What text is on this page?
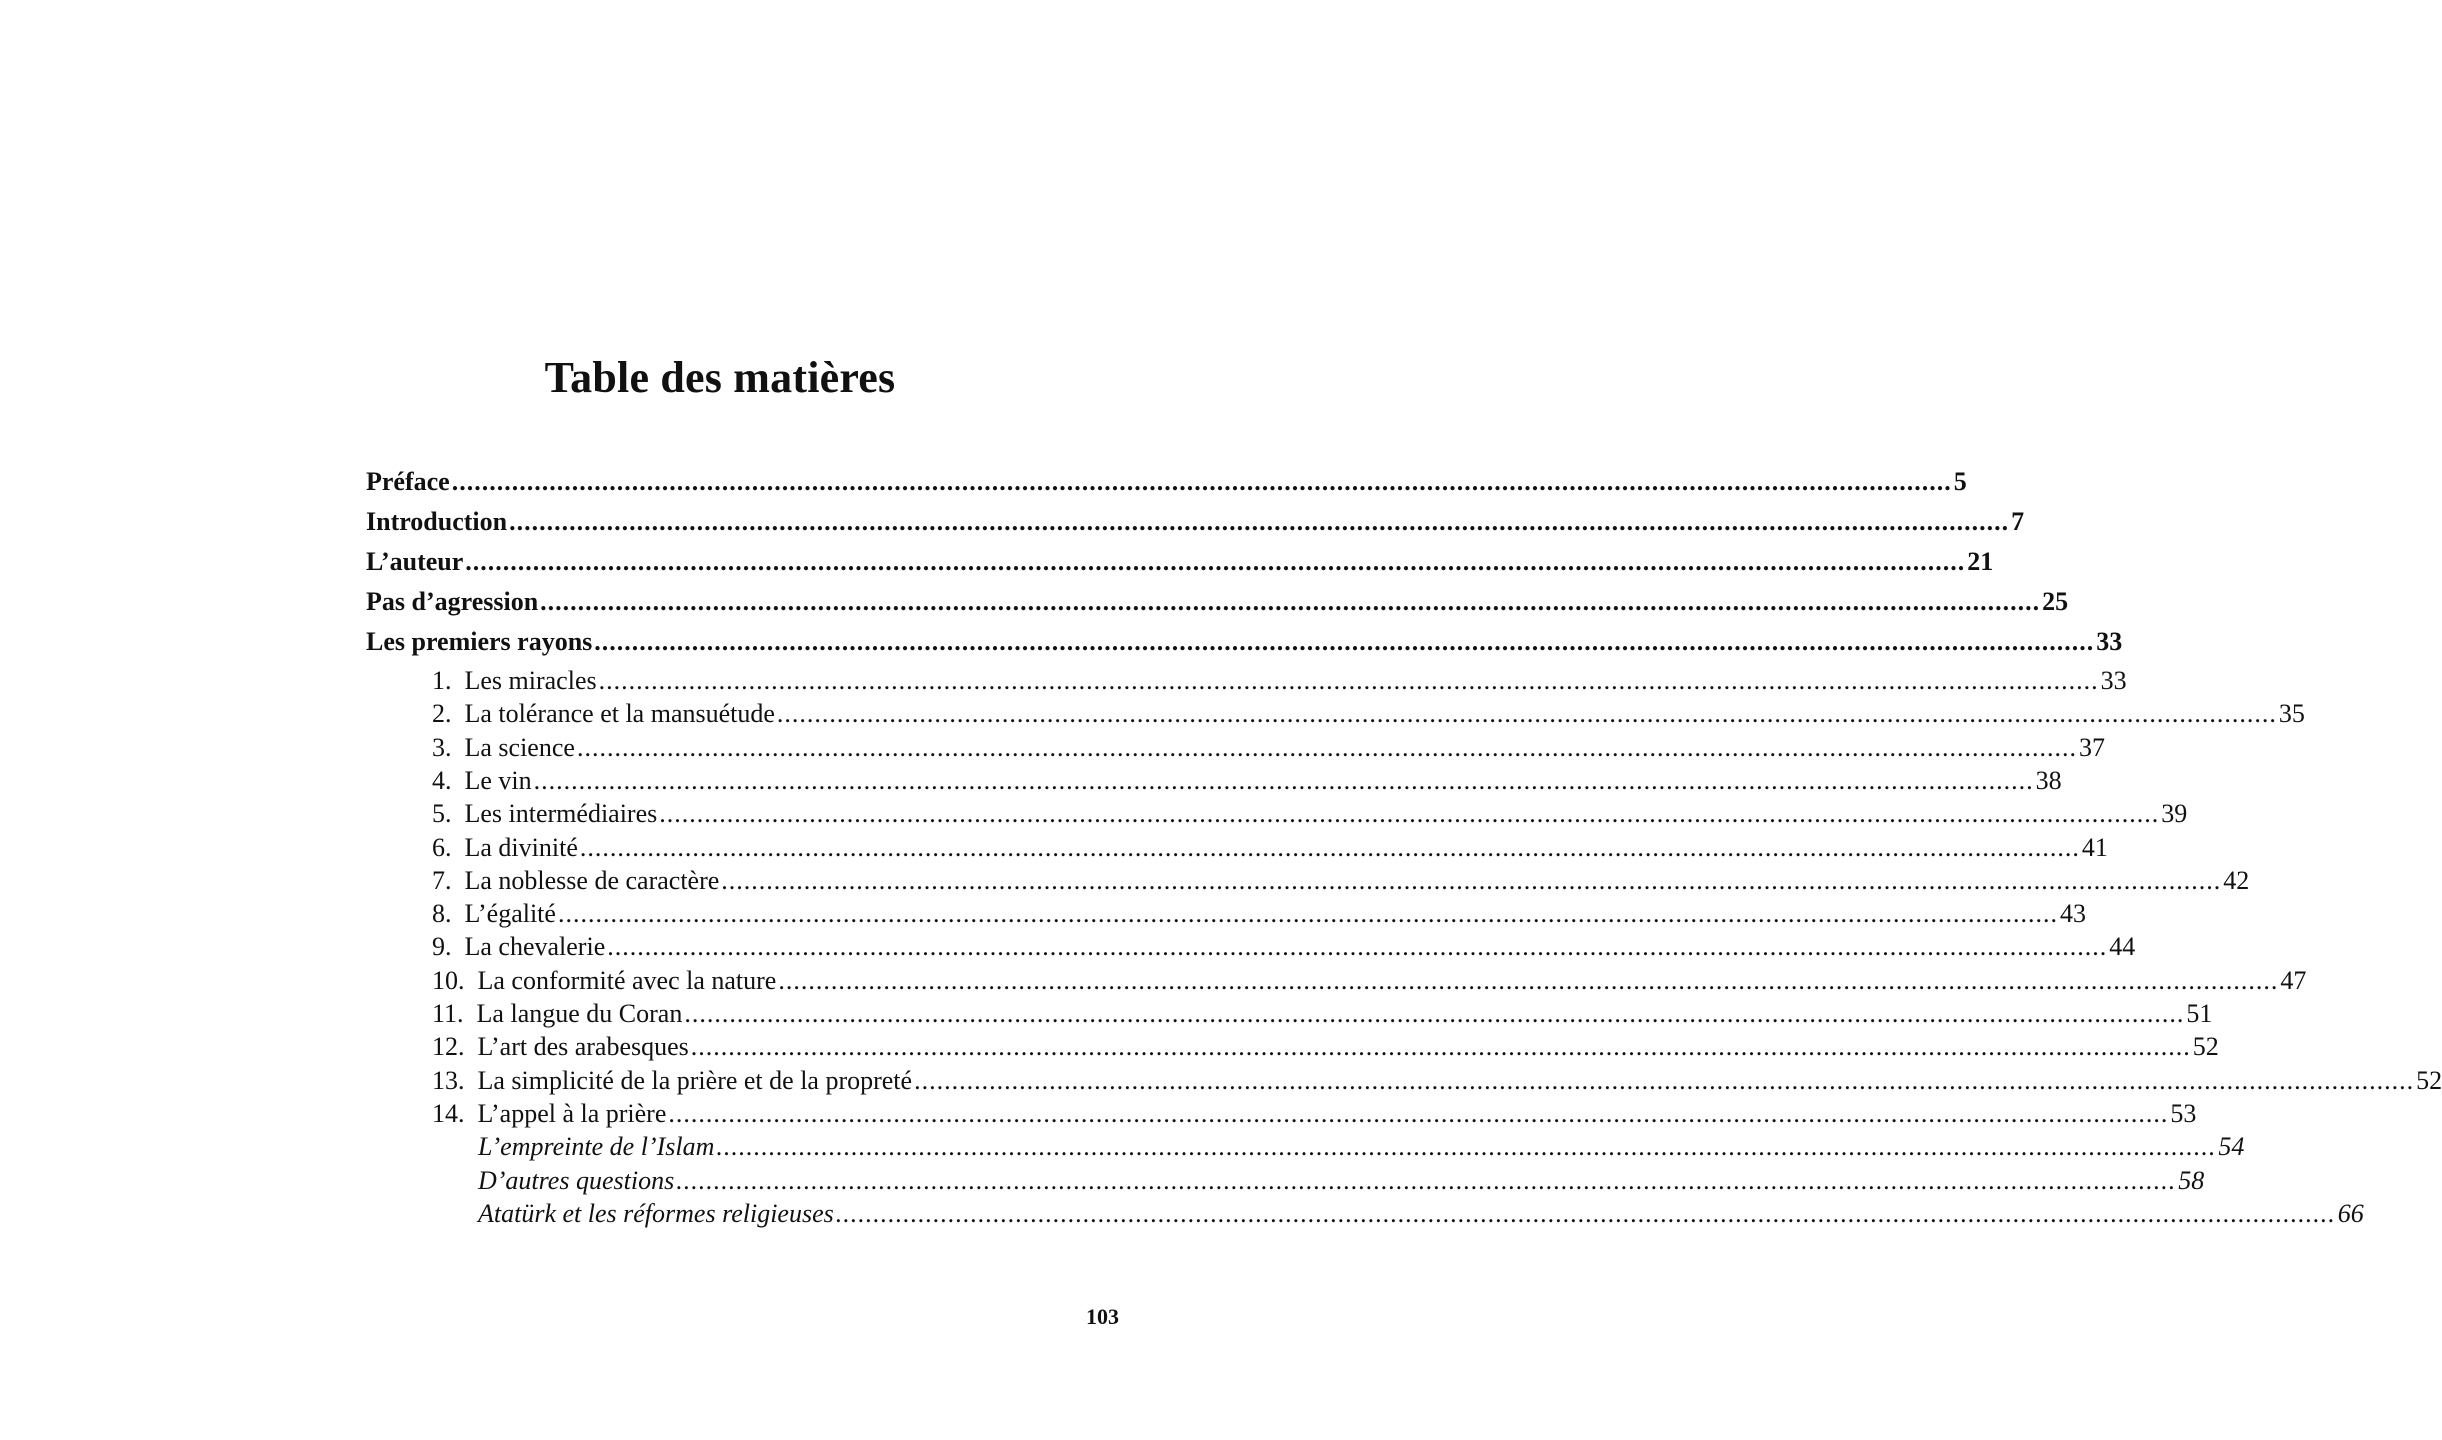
Table des matières
Préface ........................................................................................................................................................................................................ 5
Introduction ........................................................................................................................................................................................................ 7
L’auteur ........................................................................................................................................................................................................ 21
Pas d’agression ........................................................................................................................................................................................................ 25
Les premiers rayons ........................................................................................................................................................................................................ 33
1. Les miracles ........................................................................................................................................................................................................ 33
2. La tolérance et la mansuétude ........................................................................................................................................................................................................ 35
3. La science ........................................................................................................................................................................................................ 37
4. Le vin ........................................................................................................................................................................................................ 38
5. Les intermédiaires ........................................................................................................................................................................................................ 39
6. La divinité ........................................................................................................................................................................................................ 41
7. La noblesse de caractère ........................................................................................................................................................................................................ 42
8. L’égalité ........................................................................................................................................................................................................ 43
9. La chevalerie ........................................................................................................................................................................................................ 44
10. La conformité avec la nature ........................................................................................................................................................................................................ 47
11. La langue du Coran ........................................................................................................................................................................................................ 51
12. L’art des arabesques ........................................................................................................................................................................................................ 52
13. La simplicité de la prière et de la propreté ........................................................................................................................................................................................................ 52
14. L’appel à la prière ........................................................................................................................................................................................................ 53
L’empreinte de l’Islam ........................................................................................................................................................................................................ 54
D’autres questions ........................................................................................................................................................................................................ 58
Atatürk et les réformes religieuses ........................................................................................................................................................................................................ 66
103
